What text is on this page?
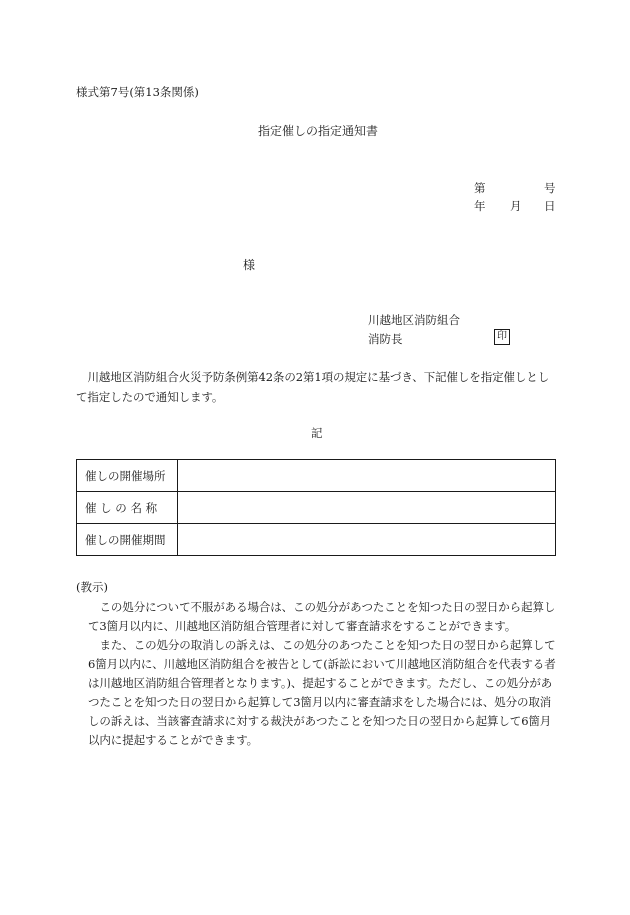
様式第7号(第13条関係)
指定催しの指定通知書
第	号
年 月 日
様
川越地区消防組合
消防長	印
川越地区消防組合火災予防条例第42条の2第1項の規定に基づき、下記催しを指定催しとして指定したので通知します。
記
催しの開催場所	
催 し の 名 称	
催しの開催期間	
(教示)
この処分について不服がある場合は、この処分があつたことを知つた日の翌日から起算して3箇月以内に、川越地区消防組合管理者に対して審査請求をすることができます。
また、この処分の取消しの訴えは、この処分のあつたことを知つた日の翌日から起算して6箇月以内に、川越地区消防組合を被告として(訴訟において川越地区消防組合を代表する者は川越地区消防組合管理者となります。)、提起することができます。ただし、この処分があつたことを知つた日の翌日から起算して3箇月以内に審査請求をした場合には、処分の取消しの訴えは、当該審査請求に対する裁決があつたことを知つた日の翌日から起算して6箇月以内に提起することができます。
